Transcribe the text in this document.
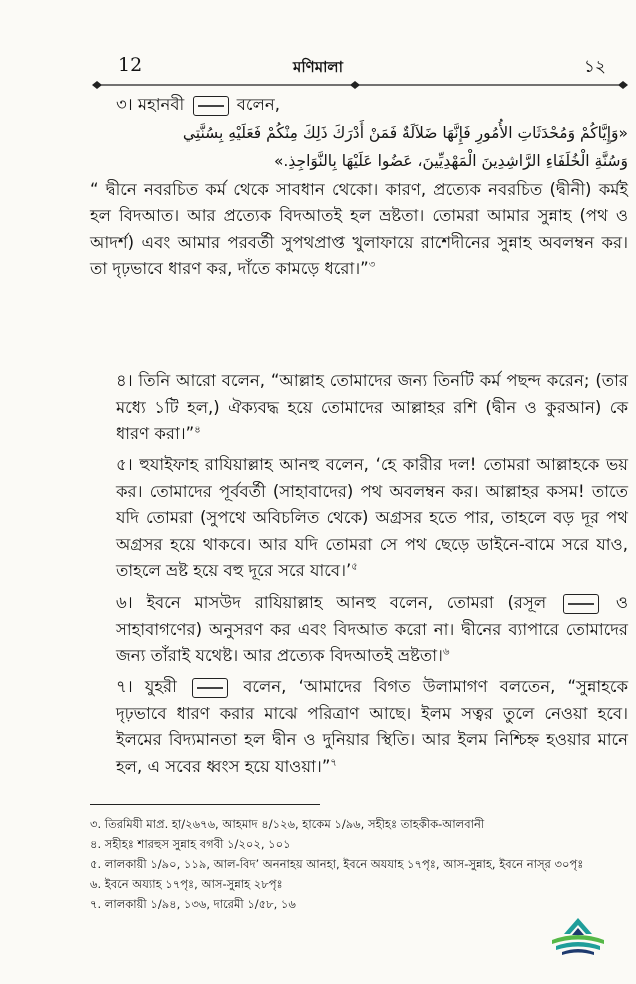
12	মণিমালা	১২

৩। মহানবী	বলেন,

«وَإِيَّاكُمْ وَمُحْدَثَاتِ الأُمُورِ فَإِنَّهَا ضَلاَلَةٌ فَمَنْ أَدْرَكَ ذَلِكَ مِنْكُمْ فَعَلَيْهِ بِسُنَّتِي

وَسُنَّةِ الْخُلَفَاءِ الرَّاشِدِينَ الْمَهْدِيِّينَ، عَضُوا عَلَيْهَا بِالنَّوَاجِذِ.»

“ দ্বীনে নবরচিত কর্ম থেকে সাবধান থেকো। কারণ, প্রত্যেক নবরচিত (দ্বীনী) কর্মই হল বিদআত। আর প্রত্যেক বিদআতই হল ভ্রষ্টতা। তোমরা আমার সুন্নাহ (পথ ও আদর্শ) এবং আমার পরবর্তী সুপথপ্রাপ্ত খুলাফায়ে রাশেদীনের সুন্নাহ অবলম্বন কর। তা দৃঢ়ভাবে ধারণ কর, দাঁতে কামড়ে ধরো।”$^৩$

৪। তিনি আরো বলেন, “আল্লাহ তোমাদের জন্য তিনটি কর্ম পছন্দ করেন; (তার মধ্যে ১টি হল,) ঐক্যবদ্ধ হয়ে তোমাদের আল্লাহর রশি (দ্বীন ও কুরআন) কে ধারণ করা।”$^৪$

৫। হুযাইফাহ রাযিয়াল্লাহ আনহু বলেন, ‘হে কারীর দল! তোমরা আল্লাহকে ভয় কর। তোমাদের পূর্ববর্তী (সাহাবাদের) পথ অবলম্বন কর। আল্লাহর কসম! তাতে যদি তোমরা (সুপথে অবিচলিত থেকে) অগ্রসর হতে পার, তাহলে বড় দূর পথ অগ্রসর হয়ে থাকবে। আর যদি তোমরা সে পথ ছেড়ে ডাইনে-বামে সরে যাও, তাহলে ভ্রষ্ট হয়ে বহু দূরে সরে যাবে।’$^৫$

৬। ইবনে মাসউদ রাযিয়াল্লাহ আনহু বলেন, তোমরা (রসূল	ও সাহাবাগণের) অনুসরণ কর এবং বিদআত করো না। দ্বীনের ব্যাপারে তোমাদের জন্য তাঁরাই যথেষ্ট। আর প্রত্যেক বিদআতই ভ্রষ্টতা।$^৬$

৭। যুহরী	বলেন, ‘আমাদের বিগত উলামাগণ বলতেন, “সুন্নাহকে দৃঢ়ভাবে ধারণ করার মাঝে পরিত্রাণ আছে। ইলম সত্বর তুলে নেওয়া হবে। ইলমের বিদ্যমানতা হল দ্বীন ও দুনিয়ার স্থিতি। আর ইলম নিশ্চিহ্ন হওয়ার মানে হল, এ সবের ধ্বংস হয়ে যাওয়া।”$^৭$

৩. তিরমিযী মাপ্র. হা/২৬৭৬, আহমাদ ৪/১২৬, হাকেম ১/৯৬, সহীহঃ তাহকীক-আলবানী

৪. সহীহঃ শারহুস সুন্নাহ বগবী ১/২০২, ১০১

৫. লালকায়ী ১/৯০, ১১৯, আল-বিদ’ অননাহয় আনহা, ইবনে অযযাহ ১৭পৃঃ, আস-সুন্নাহ, ইবনে নাস্‌র ৩০পৃঃ

৬. ইবনে অয্যাহ ১৭পৃঃ, আস-সুন্নাহ ২৮পৃঃ

৭. লালকায়ী ১/৯৪, ১৩৬, দারেমী ১/৫৮, ১৬
